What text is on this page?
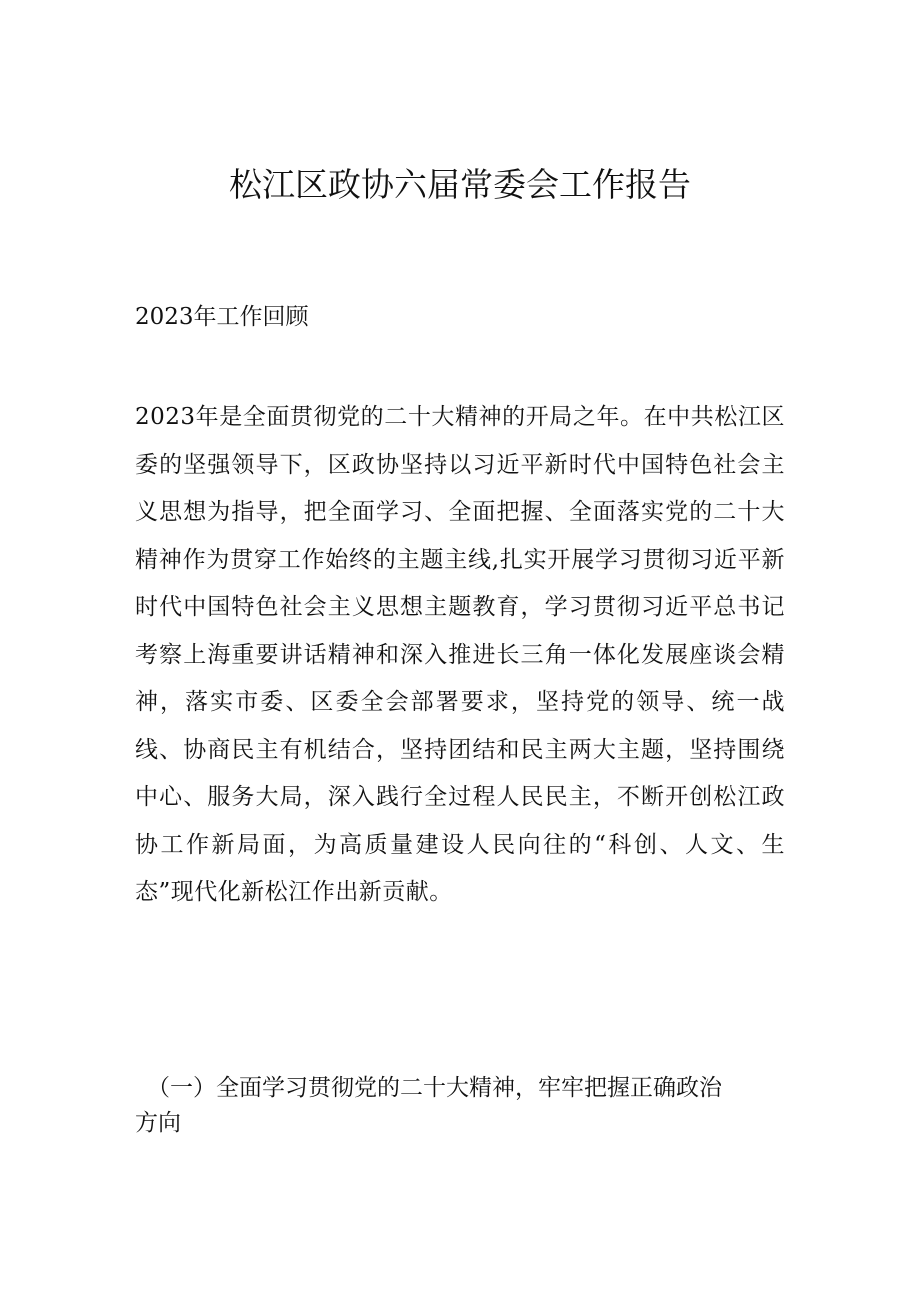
松江区政协六届常委会工作报告
2023年工作回顾

2023年是全面贯彻党的二十大精神的开局之年。在中共松江区委的坚强领导下，区政协坚持以习近平新时代中国特色社会主义思想为指导，把全面学习、全面把握、全面落实党的二十大精神作为贯穿工作始终的主题主线,扎实开展学习贯彻习近平新时代中国特色社会主义思想主题教育，学习贯彻习近平总书记考察上海重要讲话精神和深入推进长三角一体化发展座谈会精神，落实市委、区委全会部署要求，坚持党的领导、统一战线、协商民主有机结合，坚持团结和民主两大主题，坚持围绕中心、服务大局，深入践行全过程人民民主，不断开创松江政协工作新局面，为高质量建设人民向往的“科创、人文、生态”现代化新松江作出新贡献。

（一）全面学习贯彻党的二十大精神，牢牢把握正确政治方向
